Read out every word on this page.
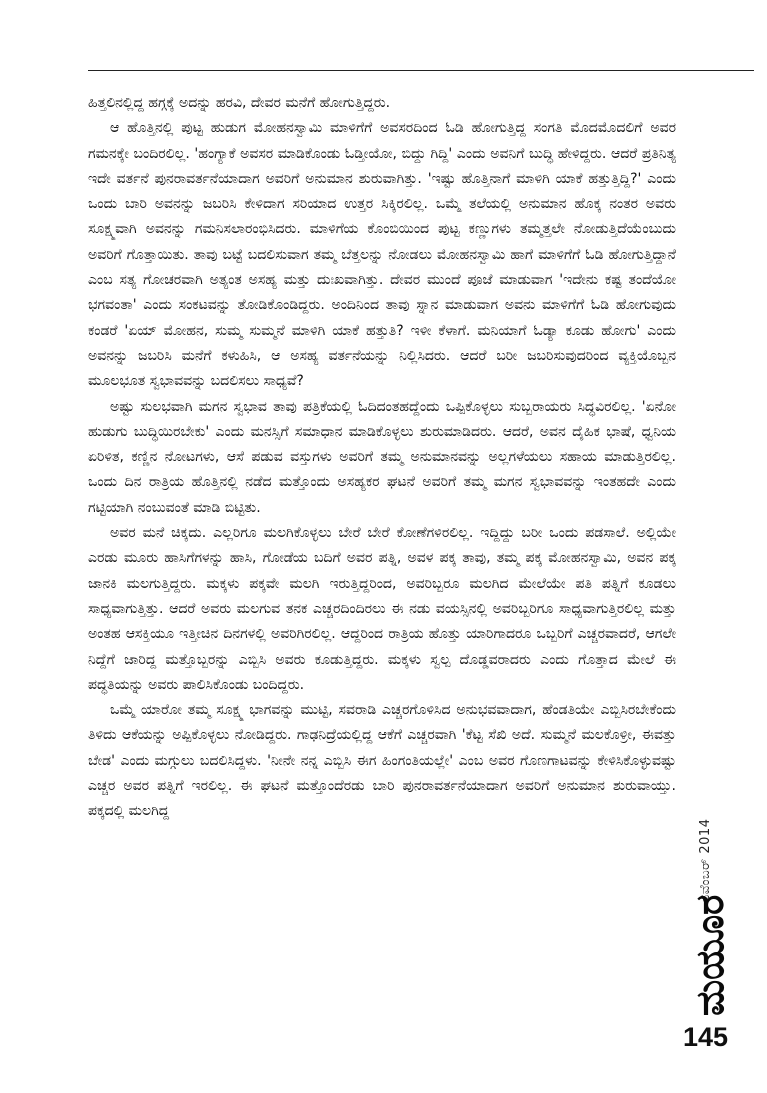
ಹಿತ್ತಲಿನಲ್ಲಿದ್ದ ಹಗ್ಗಕ್ಕೆ ಅದನ್ನು ಹರವಿ, ದೇವರ ಮನೆಗೆ ಹೋಗುತ್ತಿದ್ದರು.

ಆ ಹೊತ್ತಿನಲ್ಲಿ ಪುಟ್ಟ ಹುಡುಗ ಮೋಹನಸ್ವಾಮಿ ಮಾಳಿಗೆಗೆ ಅವಸರದಿಂದ ಓಡಿ ಹೋಗುತ್ತಿದ್ದ ಸಂಗತಿ ಮೊದಮೊದಲಿಗೆ ಅವರ ಗಮನಕ್ಕೇ ಬಂದಿರಲಿಲ್ಲ. 'ಹಂಗ್ಯಾಕೆ ಅವಸರ ಮಾಡಿಕೊಂಡು ಓಡ್ತೀಯೋ, ಬಿದ್ದು ಗಿದ್ದಿ' ಎಂದು ಅವನಿಗೆ ಬುದ್ಧಿ ಹೇಳಿದ್ದರು. ಆದರೆ ಪ್ರತಿನಿತ್ಯ ಇದೇ ವರ್ತನೆ ಪುನರಾವರ್ತನೆಯಾದಾಗ ಅವರಿಗೆ ಅನುಮಾನ ಶುರುವಾಗಿತ್ತು. 'ಇಷ್ಟು ಹೊತ್ತಿನಾಗೆ ಮಾಳಿಗಿ ಯಾಕೆ ಹತ್ತುತ್ತಿದ್ದಿ?' ಎಂದು ಒಂದು ಬಾರಿ ಅವನನ್ನು ಜಬರಿಸಿ ಕೇಳಿದಾಗ ಸರಿಯಾದ ಉತ್ತರ ಸಿಕ್ಕಿರಲಿಲ್ಲ. ಒಮ್ಮೆ ತಲೆಯಲ್ಲಿ ಅನುಮಾನ ಹೊಕ್ಕ ನಂತರ ಅವರು ಸೂಕ್ಷ್ಮವಾಗಿ ಅವನನ್ನು ಗಮನಿಸಲಾರಂಭಿಸಿದರು. ಮಾಳಿಗೆಯ ಕೊಂಬಿಯಿಂದ ಪುಟ್ಟ ಕಣ್ಣುಗಳು ತಮ್ಮತ್ತಲೇ ನೋಡುತ್ತಿದೆಯೆಂಬುದು ಅವರಿಗೆ ಗೊತ್ತಾಯಿತು. ತಾವು ಬಟ್ಟೆ ಬದಲಿಸುವಾಗ ತಮ್ಮ ಬೆತ್ತಲನ್ನು ನೋಡಲು ಮೋಹನಸ್ವಾಮಿ ಹಾಗೆ ಮಾಳಿಗೆಗೆ ಓಡಿ ಹೋಗುತ್ತಿದ್ದಾನೆ ಎಂಬ ಸತ್ಯ ಗೋಚರವಾಗಿ ಅತ್ಯಂತ ಅಸಹ್ಯ ಮತ್ತು ದುಃಖವಾಗಿತ್ತು. ದೇವರ ಮುಂದೆ ಪೂಜೆ ಮಾಡುವಾಗ 'ಇದೇನು ಕಷ್ಟ ತಂದೆಯೋ ಭಗವಂತಾ' ಎಂದು ಸಂಕಟವನ್ನು ತೋಡಿಕೊಂಡಿದ್ದರು. ಅಂದಿನಿಂದ ತಾವು ಸ್ನಾನ ಮಾಡುವಾಗ ಅವನು ಮಾಳಿಗೆಗೆ ಓಡಿ ಹೋಗುವುದು ಕಂಡರೆ 'ಏಯ್ ಮೋಹನ, ಸುಮ್ಮ ಸುಮ್ಮನೆ ಮಾಳಿಗಿ ಯಾಕೆ ಹತ್ತುತಿ? ಇಳೀ ಕೆಳಾಗೆ. ಮನಿಯಾಗೆ ಓಡ್ಯಾ ಕೂಡು ಹೋಗು' ಎಂದು ಅವನನ್ನು ಜಬರಿಸಿ ಮನೆಗೆ ಕಳುಹಿಸಿ, ಆ ಅಸಹ್ಯ ವರ್ತನೆಯನ್ನು ನಿಲ್ಲಿಸಿದರು. ಆದರೆ ಬರೀ ಜಬರಿಸುವುದರಿಂದ ವ್ಯಕ್ತಿಯೊಬ್ಬನ ಮೂಲಭೂತ ಸ್ವಭಾವವನ್ನು ಬದಲಿಸಲು ಸಾಧ್ಯವೆ?

ಅಷ್ಟು ಸುಲಭವಾಗಿ ಮಗನ ಸ್ವಭಾವ ತಾವು ಪತ್ರಿಕೆಯಲ್ಲಿ ಓದಿದಂತಹದ್ದೆಂದು ಒಪ್ಪಿಕೊಳ್ಳಲು ಸುಬ್ಬರಾಯರು ಸಿದ್ಧವಿರಲಿಲ್ಲ. 'ಏನೋ ಹುಡುಗು ಬುದ್ಧಿಯಿರಬೇಕು' ಎಂದು ಮನಸ್ಸಿಗೆ ಸಮಾಧಾನ ಮಾಡಿಕೊಳ್ಳಲು ಶುರುಮಾಡಿದರು. ಆದರೆ, ಅವನ ದೈಹಿಕ ಭಾಷೆ, ಧ್ವನಿಯ ಏರಿಳಿತ, ಕಣ್ಣಿನ ನೋಟಗಳು, ಆಸೆ ಪಡುವ ವಸ್ತುಗಳು ಅವರಿಗೆ ತಮ್ಮ ಅನುಮಾನವನ್ನು ಅಲ್ಲಗಳೆಯಲು ಸಹಾಯ ಮಾಡುತ್ತಿರಲಿಲ್ಲ. ಒಂದು ದಿನ ರಾತ್ರಿಯ ಹೊತ್ತಿನಲ್ಲಿ ನಡೆದ ಮತ್ತೊಂದು ಅಸಹ್ಯಕರ ಘಟನೆ ಅವರಿಗೆ ತಮ್ಮ ಮಗನ ಸ್ವಭಾವವನ್ನು ಇಂತಹದೇ ಎಂದು ಗಟ್ಟಿಯಾಗಿ ನಂಬುವಂತೆ ಮಾಡಿ ಬಿಟ್ಟಿತು.

ಅವರ ಮನೆ ಚಿಕ್ಕದು. ಎಲ್ಲರಿಗೂ ಮಲಗಿಕೊಳ್ಳಲು ಬೇರೆ ಬೇರೆ ಕೋಣೆಗಳಿರಲಿಲ್ಲ. ಇದ್ದಿದ್ದು ಬರೀ ಒಂದು ಪಡಸಾಲೆ. ಅಲ್ಲಿಯೇ ಎರಡು ಮೂರು ಹಾಸಿಗೆಗಳನ್ನು ಹಾಸಿ, ಗೋಡೆಯ ಬದಿಗೆ ಅವರ ಪತ್ನಿ, ಅವಳ ಪಕ್ಕ ತಾವು, ತಮ್ಮ ಪಕ್ಕ ಮೋಹನಸ್ವಾಮಿ, ಅವನ ಪಕ್ಕ ಜಾನಕಿ ಮಲಗುತ್ತಿದ್ದರು. ಮಕ್ಕಳು ಪಕ್ಕವೇ ಮಲಗಿ ಇರುತ್ತಿದ್ದರಿಂದ, ಅವರಿಬ್ಬರೂ ಮಲಗಿದ ಮೇಲೆಯೇ ಪತಿ ಪತ್ನಿಗೆ ಕೂಡಲು ಸಾಧ್ಯವಾಗುತ್ತಿತ್ತು. ಆದರೆ ಅವರು ಮಲಗುವ ತನಕ ಎಚ್ಚರದಿಂದಿರಲು ಈ ನಡು ವಯಸ್ಸಿನಲ್ಲಿ ಅವರಿಬ್ಬರಿಗೂ ಸಾಧ್ಯವಾಗುತ್ತಿರಲಿಲ್ಲ ಮತ್ತು ಅಂತಹ ಆಸಕ್ತಿಯೂ ಇತ್ತೀಚಿನ ದಿನಗಳಲ್ಲಿ ಅವರಿಗಿರಲಿಲ್ಲ. ಆದ್ದರಿಂದ ರಾತ್ರಿಯ ಹೊತ್ತು ಯಾರಿಗಾದರೂ ಒಬ್ಬರಿಗೆ ಎಚ್ಚರವಾದರೆ, ಆಗಲೇ ನಿದ್ದೆಗೆ ಜಾರಿದ್ದ ಮತ್ತೊಬ್ಬರನ್ನು ಎಬ್ಬಿಸಿ ಅವರು ಕೂಡುತ್ತಿದ್ದರು. ಮಕ್ಕಳು ಸ್ವಲ್ಪ ದೊಡ್ಡವರಾದರು ಎಂದು ಗೊತ್ತಾದ ಮೇಲೆ ಈ ಪದ್ಧತಿಯನ್ನು ಅವರು ಪಾಲಿಸಿಕೊಂಡು ಬಂದಿದ್ದರು.

ಒಮ್ಮೆ ಯಾರೋ ತಮ್ಮ ಸೂಕ್ಷ್ಮ ಭಾಗವನ್ನು ಮುಟ್ಟಿ, ಸವರಾಡಿ ಎಚ್ಚರಗೊಳಿಸಿದ ಅನುಭವವಾದಾಗ, ಹೆಂಡತಿಯೇ ಎಬ್ಬಿಸಿರಬೇಕೆಂದು ತಿಳಿದು ಆಕೆಯನ್ನು ಅಪ್ಪಿಕೊಳ್ಳಲು ನೋಡಿದ್ದರು. ಗಾಢನಿದ್ರೆಯಲ್ಲಿದ್ದ ಆಕೆಗೆ ಎಚ್ಚರವಾಗಿ 'ಕೆಟ್ಟ ಸೆಖಿ ಅದೆ. ಸುಮ್ಮನೆ ಮಲಕೊಳ್ರೀ, ಈವತ್ತು ಬೇಡ' ಎಂದು ಮಗ್ಗುಲು ಬದಲಿಸಿದ್ದಳು. 'ನೀನೇ ನನ್ನ ಎಬ್ಬಿಸಿ ಈಗ ಹಿಂಗಂತಿಯಲ್ಲೇ' ಎಂಬ ಅವರ ಗೊಣಗಾಟವನ್ನು ಕೇಳಿಸಿಕೊಳ್ಳುವಷ್ಟು ಎಚ್ಚರ ಅವರ ಪತ್ನಿಗೆ ಇರಲಿಲ್ಲ. ಈ ಘಟನೆ ಮತ್ತೊಂದೆರಡು ಬಾರಿ ಪುನರಾವರ್ತನೆಯಾದಾಗ ಅವರಿಗೆ ಅನುಮಾನ ಶುರುವಾಯ್ತು. ಪಕ್ಕದಲ್ಲಿ ಮಲಗಿದ್ದ

ನವೆಂಬರ್ 2014
ಮಯೂರ
145
